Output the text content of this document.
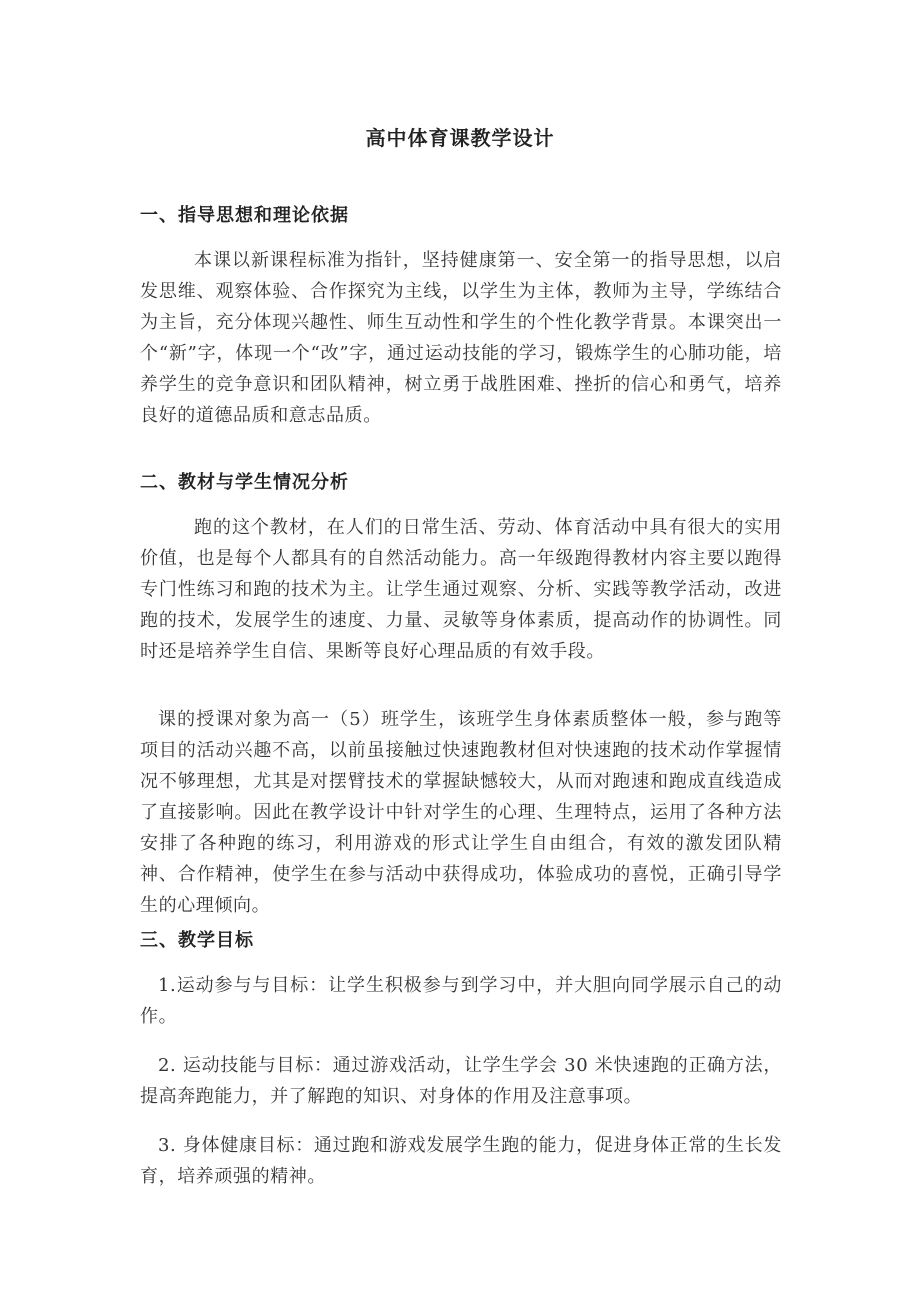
高中体育课教学设计
一、指导思想和理论依据

本课以新课程标准为指针，坚持健康第一、安全第一的指导思想，以启发思维、观察体验、合作探究为主线，以学生为主体，教师为主导，学练结合为主旨，充分体现兴趣性、师生互动性和学生的个性化教学背景。本课突出一个“新”字，体现一个“改”字，通过运动技能的学习，锻炼学生的心肺功能，培养学生的竞争意识和团队精神，树立勇于战胜困难、挫折的信心和勇气，培养良好的道德品质和意志品质。

二、教材与学生情况分析

跑的这个教材，在人们的日常生活、劳动、体育活动中具有很大的实用价值，也是每个人都具有的自然活动能力。高一年级跑得教材内容主要以跑得专门性练习和跑的技术为主。让学生通过观察、分析、实践等教学活动，改进跑的技术，发展学生的速度、力量、灵敏等身体素质，提高动作的协调性。同时还是培养学生自信、果断等良好心理品质的有效手段。

课的授课对象为高一（5）班学生，该班学生身体素质整体一般，参与跑等项目的活动兴趣不高，以前虽接触过快速跑教材但对快速跑的技术动作掌握情况不够理想，尤其是对摆臂技术的掌握缺憾较大，从而对跑速和跑成直线造成了直接影响。因此在教学设计中针对学生的心理、生理特点，运用了各种方法安排了各种跑的练习，利用游戏的形式让学生自由组合，有效的激发团队精神、合作精神，使学生在参与活动中获得成功，体验成功的喜悦，正确引导学生的心理倾向。

三、教学目标

1.运动参与与目标：让学生积极参与到学习中，并大胆向同学展示自己的动作。

2. 运动技能与目标：通过游戏活动，让学生学会 30 米快速跑的正确方法，提高奔跑能力，并了解跑的知识、对身体的作用及注意事项。

3. 身体健康目标：通过跑和游戏发展学生跑的能力，促进身体正常的生长发育，培养顽强的精神。
